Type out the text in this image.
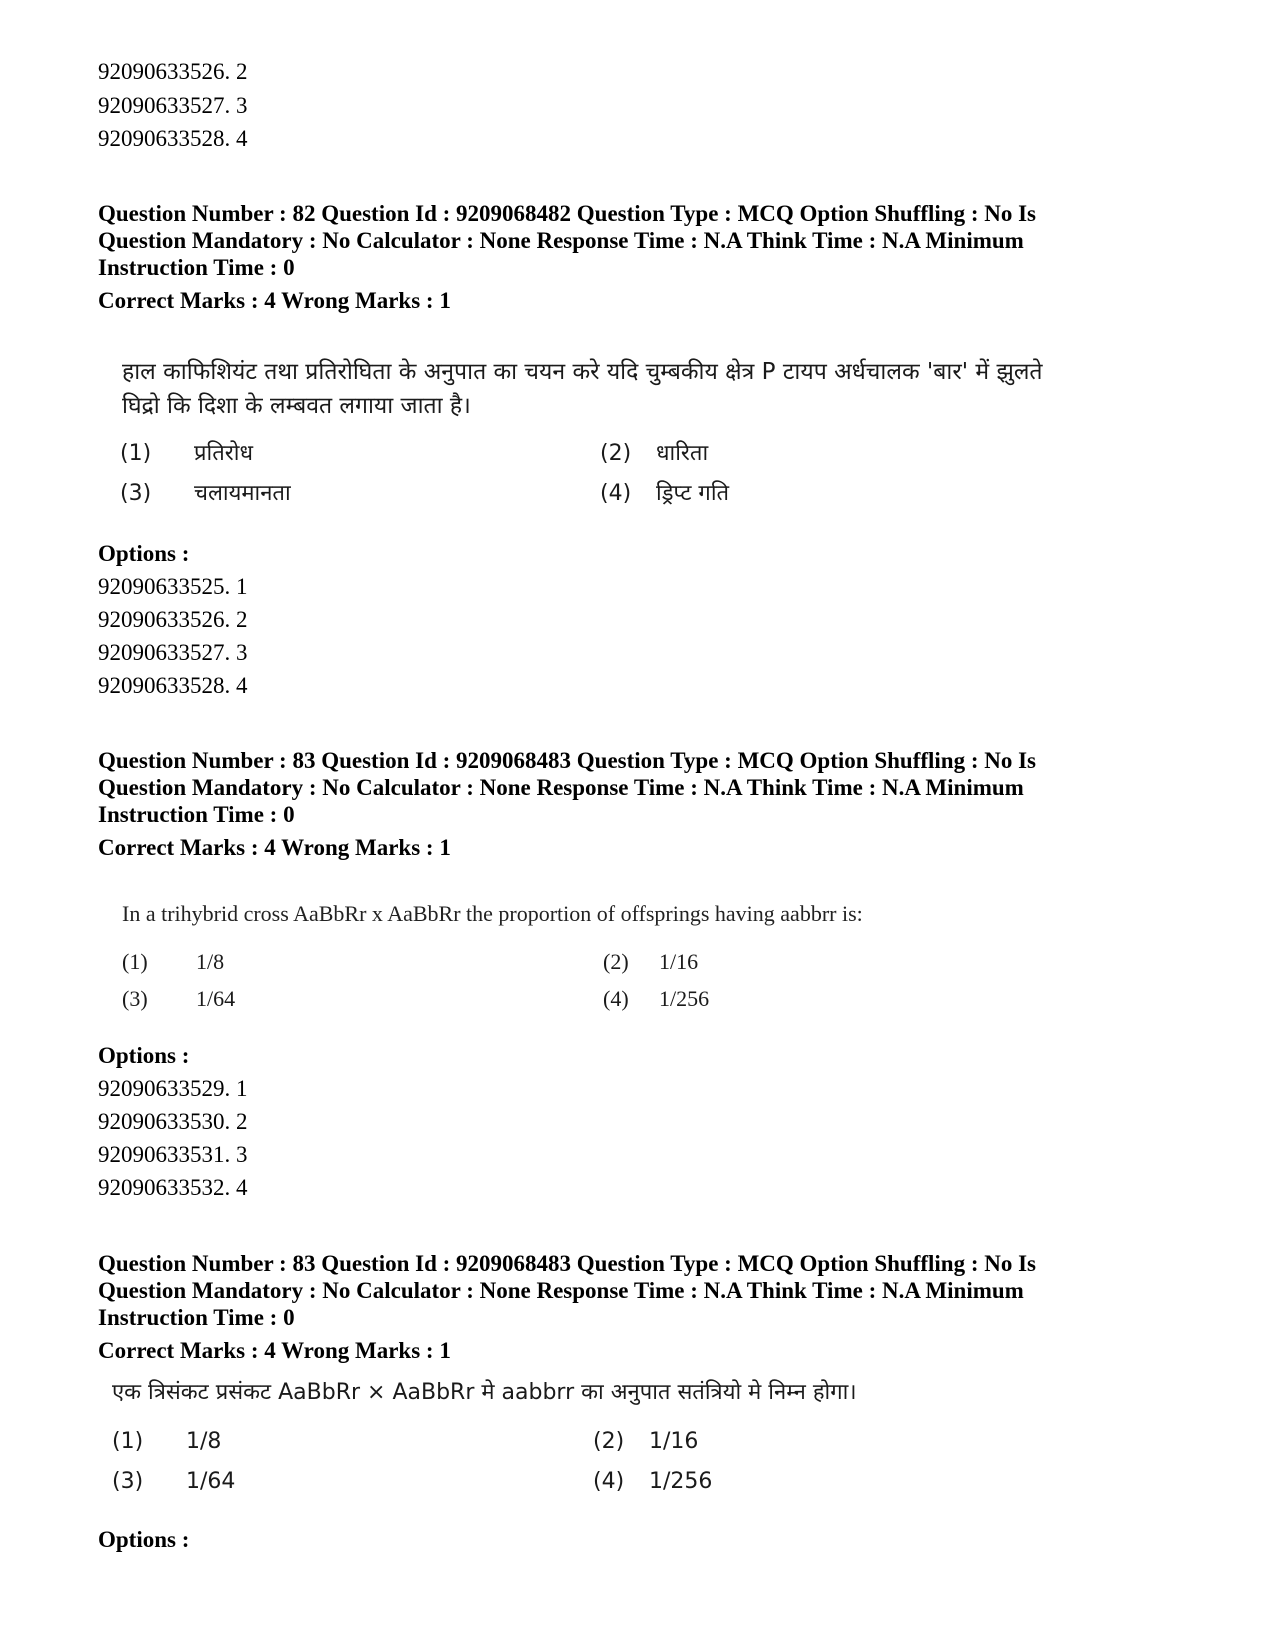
92090633526. 2
92090633527. 3
92090633528. 4
Question Number : 82 Question Id : 9209068482 Question Type : MCQ Option Shuffling : No Is
Question Mandatory : No Calculator : None Response Time : N.A Think Time : N.A Minimum
Instruction Time : 0
Correct Marks : 4 Wrong Marks : 1
हाल काफिशियंट तथा प्रतिरोघिता के अनुपात का चयन करे यदि चुम्बकीय क्षेत्र P टायप अर्धचालक 'बार' में झुलते
घिद्रो कि दिशा के लम्बवत लगाया जाता है।
(1) प्रतिरोध	(2) धारिता
(3) चलायमानता	(4) ड्रिप्ट गति
Options :
92090633525. 1
92090633526. 2
92090633527. 3
92090633528. 4
Question Number : 83 Question Id : 9209068483 Question Type : MCQ Option Shuffling : No Is
Question Mandatory : No Calculator : None Response Time : N.A Think Time : N.A Minimum
Instruction Time : 0
Correct Marks : 4 Wrong Marks : 1
In a trihybrid cross AaBbRr x AaBbRr the proportion of offsprings having aabbrr is:
(1) 1/8	(2) 1/16
(3) 1/64	(4) 1/256
Options :
92090633529. 1
92090633530. 2
92090633531. 3
92090633532. 4
Question Number : 83 Question Id : 9209068483 Question Type : MCQ Option Shuffling : No Is
Question Mandatory : No Calculator : None Response Time : N.A Think Time : N.A Minimum
Instruction Time : 0
Correct Marks : 4 Wrong Marks : 1
एक त्रिसंकट प्रसंकट AaBbRr × AaBbRr मे aabbrr का अनुपात सतंत्रियो मे निम्न होगा।
(1) 1/8	(2) 1/16
(3) 1/64	(4) 1/256
Options :
